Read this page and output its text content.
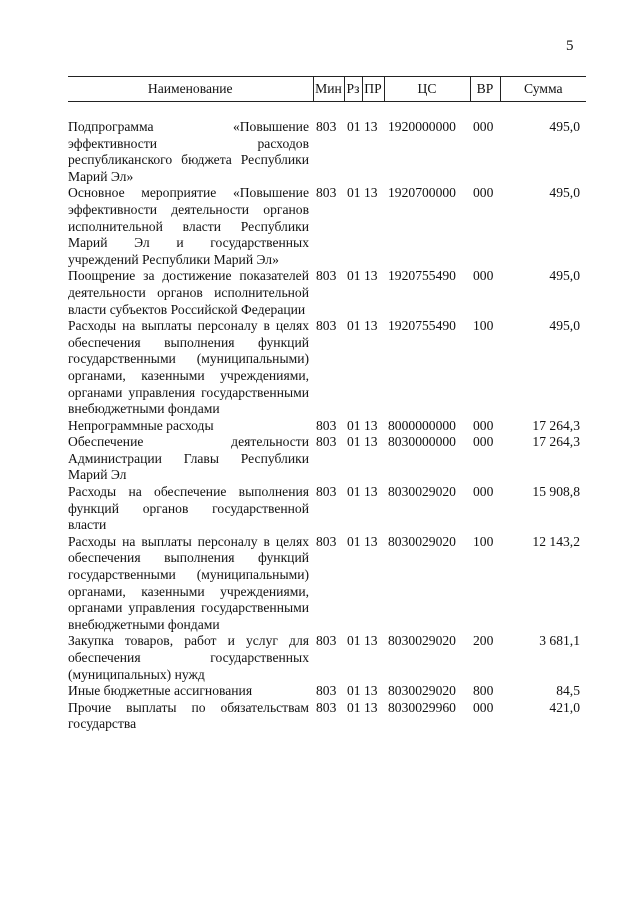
5
Наименование	Мин	Рз	ПР	ЦС	ВР	Сумма

Подпрограмма «Повышение эффективности расходов республиканского бюджета Республики Марий Эл»	803	01	13	1920000000	000	495,0
Основное мероприятие «Повышение эффективности деятельности органов исполнительной власти Республики Марий Эл и государственных учреждений Республики Марий Эл»	803	01	13	1920700000	000	495,0
Поощрение за достижение показателей деятельности органов исполнительной власти субъектов Российской Федерации	803	01	13	1920755490	000	495,0
Расходы на выплаты персоналу в целях обеспечения выполнения функций государственными (муниципальными) органами, казенными учреждениями, органами управления государственными внебюджетными фондами	803	01	13	1920755490	100	495,0
Непрограммные расходы	803	01	13	8000000000	000	17 264,3
Обеспечение деятельности Администрации Главы Республики Марий Эл	803	01	13	8030000000	000	17 264,3
Расходы на обеспечение выполнения функций органов государственной власти	803	01	13	8030029020	000	15 908,8
Расходы на выплаты персоналу в целях обеспечения выполнения функций государственными (муниципальными) органами, казенными учреждениями, органами управления государственными внебюджетными фондами	803	01	13	8030029020	100	12 143,2
Закупка товаров, работ и услуг для обеспечения государственных (муниципальных) нужд	803	01	13	8030029020	200	3 681,1
Иные бюджетные ассигнования	803	01	13	8030029020	800	84,5
Прочие выплаты по обязательствам государства	803	01	13	8030029960	000	421,0
